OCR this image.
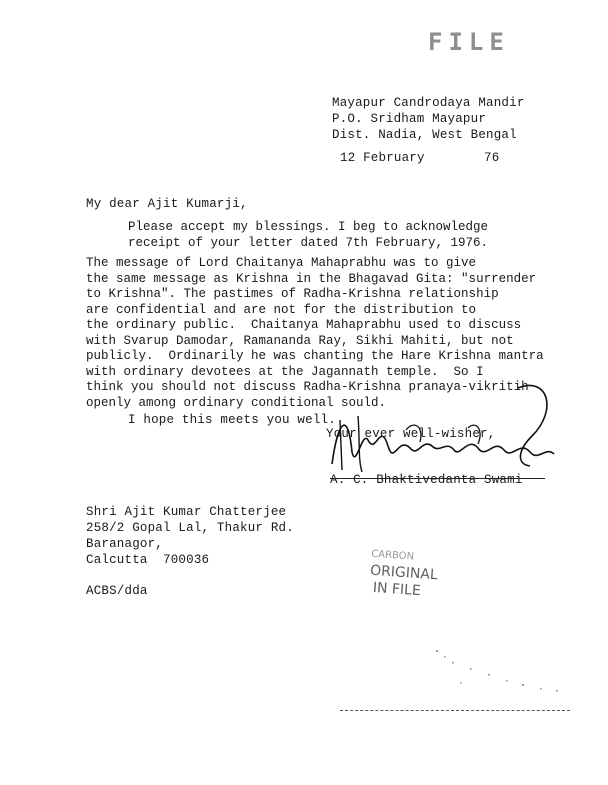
FILE
Mayapur Candrodaya Mandir
P.O. Sridham Mayapur
Dist. Nadia, West Bengal
12 February	76
My dear Ajit Kumarji,

Please accept my blessings. I beg to acknowledge
receipt of your letter dated 7th February, 1976.

The message of Lord Chaitanya Mahaprabhu was to give
the same message as Krishna in the Bhagavad Gita: "surrender
to Krishna". The pastimes of Radha-Krishna relationship
are confidential and are not for the distribution to
the ordinary public.  Chaitanya Mahaprabhu used to discuss
with Svarup Damodar, Ramananda Ray, Sikhi Mahiti, but not
publicly.  Ordinarily he was chanting the Hare Krishna mantra
with ordinary devotees at the Jagannath temple.  So I
think you should not discuss Radha-Krishna pranaya-vikritih
openly among ordinary conditional sould.

I hope this meets you well.
Your ever well-wisher,
A. C. Bhaktivedanta Swami
Shri Ajit Kumar Chatterjee
258/2 Gopal Lal, Thakur Rd.
Baranagor,
Calcutta  700036
ACBS/dda
CARBON
ORIGINAL
IN FILE
